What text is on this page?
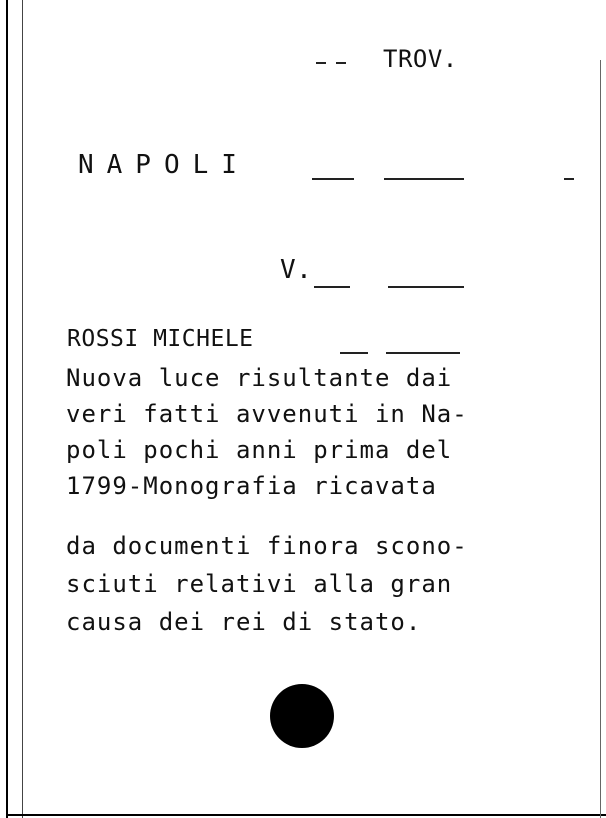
TROV.
NAPOLI
V.
ROSSI MICHELE
Nuova luce risultante dai
veri fatti avvenuti in Na-
poli pochi anni prima del
1799-Monografia ricavata
da documenti finora scono-
sciuti relativi alla gran
causa dei rei di stato.
